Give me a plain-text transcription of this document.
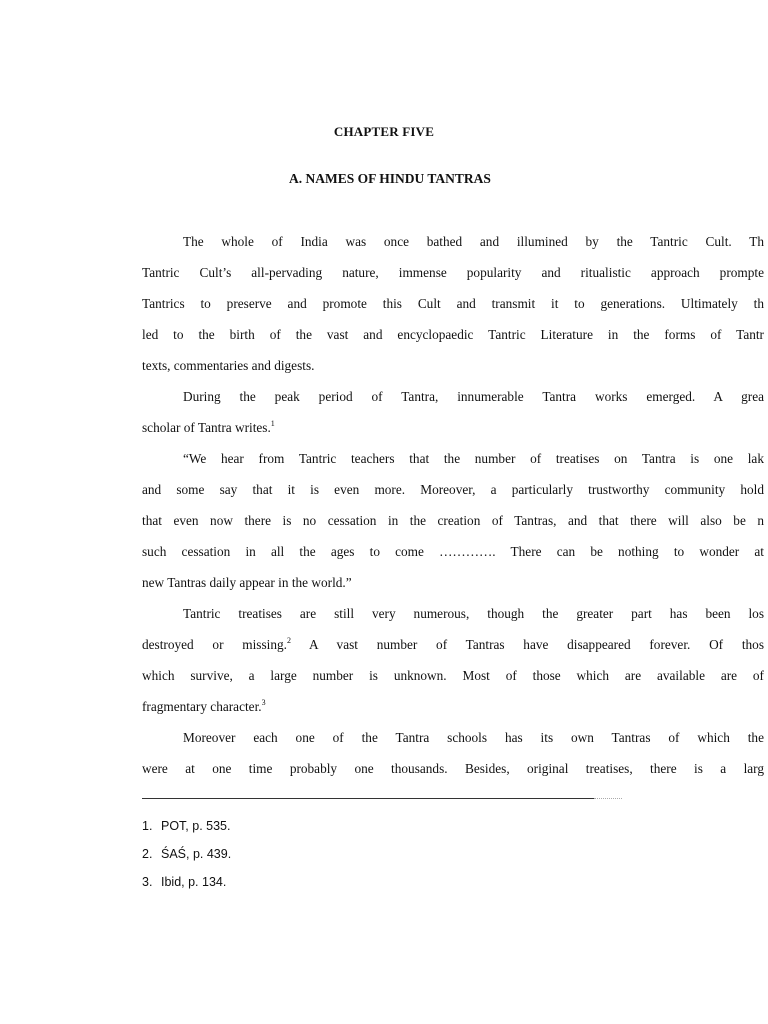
CHAPTER FIVE
A. NAMES OF HINDU TANTRAS
The whole of India was once bathed and illumined by the Tantric Cult. Th
Tantric Cult’s all-pervading nature, immense popularity and ritualistic approach prompte
Tantrics to preserve and promote this Cult and transmit it to generations. Ultimately th
led to the birth of the vast and encyclopaedic Tantric Literature in the forms of Tantr
texts, commentaries and digests.
During the peak period of Tantra, innumerable Tantra works emerged. A grea
scholar of Tantra writes.$^1$
“We hear from Tantric teachers that the number of treatises on Tantra is one lak
and some say that it is even more. Moreover, a particularly trustworthy community hold
that even now there is no cessation in the creation of Tantras, and that there will also be n
such cessation in all the ages to come …………. There can be nothing to wonder at
new Tantras daily appear in the world.”
Tantric treatises are still very numerous, though the greater part has been los
destroyed or missing.$^2$ A vast number of Tantras have disappeared forever. Of thos
which survive, a large number is unknown. Most of those which are available are of
fragmentary character.$^3$
Moreover each one of the Tantra schools has its own Tantras of which the
were at one time probably one thousands. Besides, original treatises, there is a larg
1. POT, p. 535.
2. ŚAŚ, p. 439.
3. Ibid, p. 134.
